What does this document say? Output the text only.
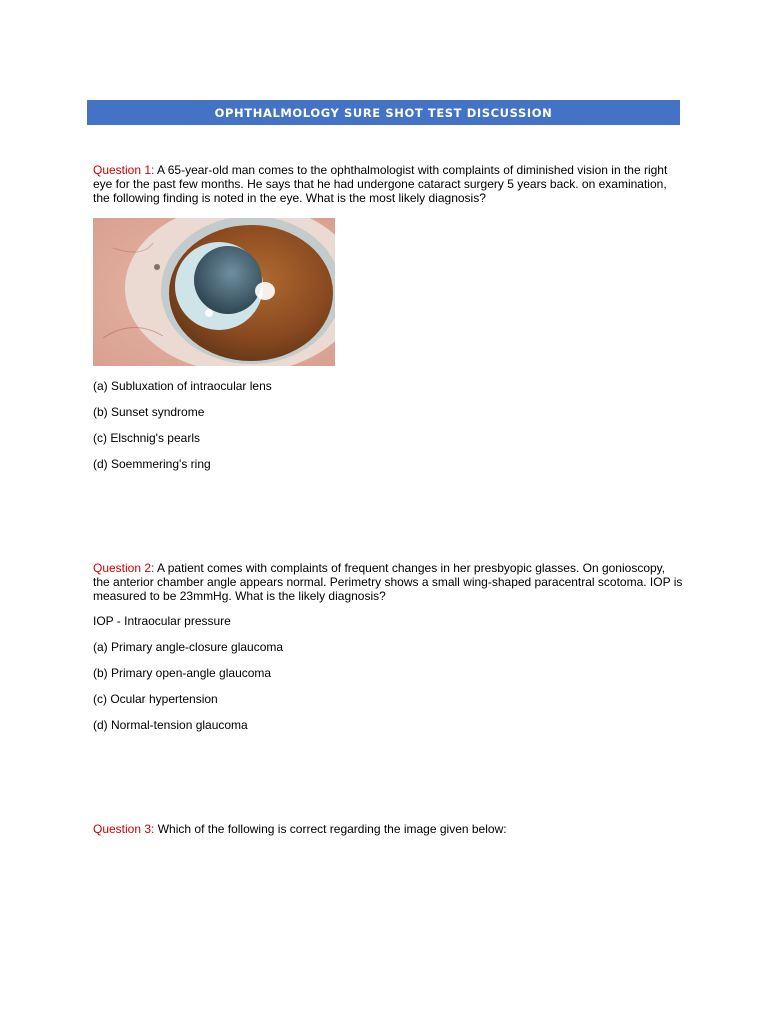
OPHTHALMOLOGY SURE SHOT TEST DISCUSSION
Question 1: A 65-year-old man comes to the ophthalmologist with complaints of diminished vision in the right eye for the past few months. He says that he had undergone cataract surgery 5 years back. on examination, the following finding is noted in the eye. What is the most likely diagnosis?
(a) Subluxation of intraocular lens
(b) Sunset syndrome
(c) Elschnig's pearls
(d) Soemmering's ring
Question 2: A patient comes with complaints of frequent changes in her presbyopic glasses. On gonioscopy, the anterior chamber angle appears normal. Perimetry shows a small wing-shaped paracentral scotoma. IOP is measured to be 23mmHg. What is the likely diagnosis?
IOP - Intraocular pressure
(a) Primary angle-closure glaucoma
(b) Primary open-angle glaucoma
(c) Ocular hypertension
(d) Normal-tension glaucoma
Question 3: Which of the following is correct regarding the image given below:
